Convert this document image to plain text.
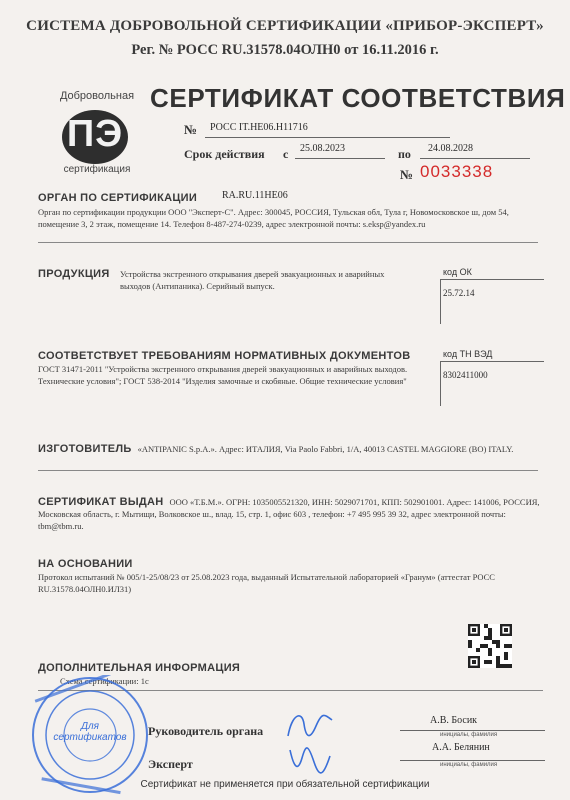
СИСТЕМА ДОБРОВОЛЬНОЙ СЕРТИФИКАЦИИ «ПРИБОР-ЭКСПЕРТ»
Рег. № РОСС RU.31578.04ОЛН0 от 16.11.2016 г.
Добровольная
ПЭ
сертификация
СЕРТИФИКАТ СООТВЕТСТВИЯ
№ РОСС IT.НЕ06.Н11716
Срок действия с 25.08.2023	по 24.08.2028
№ 0033338
ОРГАН ПО СЕРТИФИКАЦИИ RA.RU.11НЕ06
Орган по сертификации продукции ООО "Эксперт-С". Адрес: 300045, РОССИЯ, Тульская обл, Тула г, Новомосковское ш, дом 54, помещение 3, 2 этаж, помещение 14. Телефон 8-487-274-0239, адрес электронной почты: s.eksp@yandex.ru
ПРОДУКЦИЯ Устройства экстренного открывания дверей эвакуационных и аварийных выходов (Антипаника). Серийный выпуск.
код ОК
25.72.14
СООТВЕТСТВУЕТ ТРЕБОВАНИЯМ НОРМАТИВНЫХ ДОКУМЕНТОВ
ГОСТ 31471-2011 "Устройства экстренного открывания дверей эвакуационных и аварийных выходов. Технические условия"; ГОСТ 538-2014 "Изделия замочные и скобяные. Общие технические условия"
код ТН ВЭД
8302411000
ИЗГОТОВИТЕЛЬ «ANTIPANIC S.p.A.». Адрес: ИТАЛИЯ, Via Paolo Fabbri, 1/A, 40013 CASTEL MAGGIORE (BO) ITALY.
СЕРТИФИКАТ ВЫДАН ООО «Т.Б.М.». ОГРН: 1035005521320, ИНН: 5029071701, КПП: 502901001. Адрес: 141006, РОССИЯ, Московская область, г. Мытищи, Волковское ш., влад. 15, стр. 1, офис 603 , телефон: +7 495 995 39 32, адрес электронной почты: tbm@tbm.ru.
НА ОСНОВАНИИ
Протокол испытаний № 005/1-25/08/23 от 25.08.2023 года, выданный Испытательной лабораторией «Гранум» (аттестат РОСС RU.31578.04ОЛН0.ИЛ31)
ДОПОЛНИТЕЛЬНАЯ ИНФОРМАЦИЯ
Схема сертификации: 1с
Для
сертификатов	Руководитель органа
А.В. Босик
инициалы, фамилия
Эксперт
А.А. Белянин
инициалы, фамилия
Сертификат не применяется при обязательной сертификации
